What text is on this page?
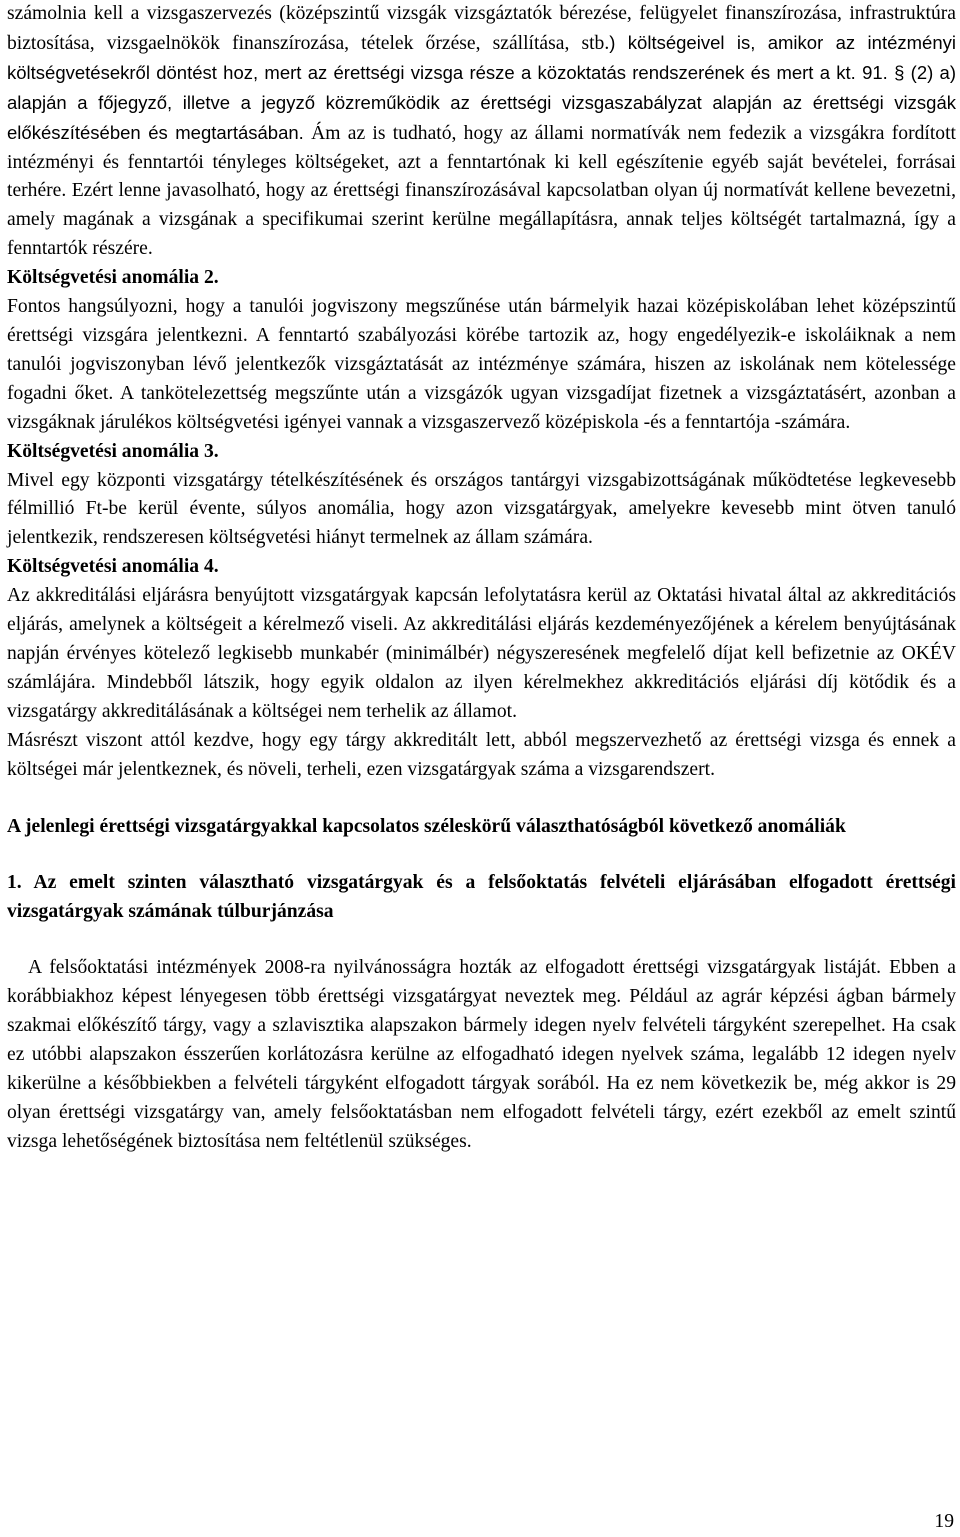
számolnia kell a vizsgaszervezés (középszintű vizsgák vizsgáztatók bérezése, felügyelet finanszírozása, infrastruktúra biztosítása, vizsgaelnökök finanszírozása, tételek őrzése, szállítása, stb.) költségeivel is, amikor az intézményi költségvetésekről döntést hoz, mert az érettségi vizsga része a közoktatás rendszerének és mert a kt. 91. § (2) a) alapján a főjegyző, illetve a jegyző közreműködik az érettségi vizsgaszabályzat alapján az érettségi vizsgák előkészítésében és megtartásában. Ám az is tudható, hogy az állami normatívák nem fedezik a vizsgákra fordított intézményi és fenntartói tényleges költségeket, azt a fenntartónak ki kell egészítenie egyéb saját bevételei, forrásai terhére. Ezért lenne javasolható, hogy az érettségi finanszírozásával kapcsolatban olyan új normatívát kellene bevezetni, amely magának a vizsgának a specifikumai szerint kerülne megállapításra, annak teljes költségét tartalmazná, így a fenntartók részére.

Költségvetési anomália 2.

Fontos hangsúlyozni, hogy a tanulói jogviszony megszűnése után bármelyik hazai középiskolában lehet középszintű érettségi vizsgára jelentkezni. A fenntartó szabályozási körébe tartozik az, hogy engedélyezik-e iskoláiknak a nem tanulói jogviszonyban lévő jelentkezők vizsgáztatását az intézménye számára, hiszen az iskolának nem kötelessége fogadni őket. A tankötelezettség megszűnte után a vizsgázók ugyan vizsgadíjat fizetnek a vizsgáztatásért, azonban a vizsgáknak járulékos költségvetési igényei vannak a vizsgaszervező középiskola -és a fenntartója -számára.

Költségvetési anomália 3.

Mivel egy központi vizsgatárgy tételkészítésének és országos tantárgyi vizsgabizottságának működtetése legkevesebb félmillió Ft-be kerül évente, súlyos anomália, hogy azon vizsgatárgyak, amelyekre kevesebb mint ötven tanuló jelentkezik, rendszeresen költségvetési hiányt termelnek az állam számára.

Költségvetési anomália 4.

Az akkreditálási eljárásra benyújtott vizsgatárgyak kapcsán lefolytatásra kerül az Oktatási hivatal által az akkreditációs eljárás, amelynek a költségeit a kérelmező viseli. Az akkreditálási eljárás kezdeményezőjének a kérelem benyújtásának napján érvényes kötelező legkisebb munkabér (minimálbér) négyszeresének megfelelő díjat kell befizetnie az OKÉV számlájára. Mindebből látszik, hogy egyik oldalon az ilyen kérelmekhez akkreditációs eljárási díj kötődik és a vizsgatárgy akkreditálásának a költségei nem terhelik az államot.

Másrészt viszont attól kezdve, hogy egy tárgy akkreditált lett, abból megszervezhető az érettségi vizsga és ennek a költségei már jelentkeznek, és növeli, terheli, ezen vizsgatárgyak száma a vizsgarendszert.

A jelenlegi érettségi vizsgatárgyakkal kapcsolatos széleskörű választhatóságból következő anomáliák

1. Az emelt szinten választható vizsgatárgyak és a felsőoktatás felvételi eljárásában elfogadott érettségi vizsgatárgyak számának túlburjánzása

A felsőoktatási intézmények 2008-ra nyilvánosságra hozták az elfogadott érettségi vizsgatárgyak listáját. Ebben a korábbiakhoz képest lényegesen több érettségi vizsgatárgyat neveztek meg. Például az agrár képzési ágban bármely szakmai előkészítő tárgy, vagy a szlavisztika alapszakon bármely idegen nyelv felvételi tárgyként szerepelhet. Ha csak ez utóbbi alapszakon ésszerűen korlátozásra kerülne az elfogadható idegen nyelvek száma, legalább 12 idegen nyelv kikerülne a későbbiekben a felvételi tárgyként elfogadott tárgyak sorából. Ha ez nem következik be, még akkor is 29 olyan érettségi vizsgatárgy van, amely felsőoktatásban nem elfogadott felvételi tárgy, ezért ezekből az emelt szintű vizsga lehetőségének biztosítása nem feltétlenül szükséges.

19
